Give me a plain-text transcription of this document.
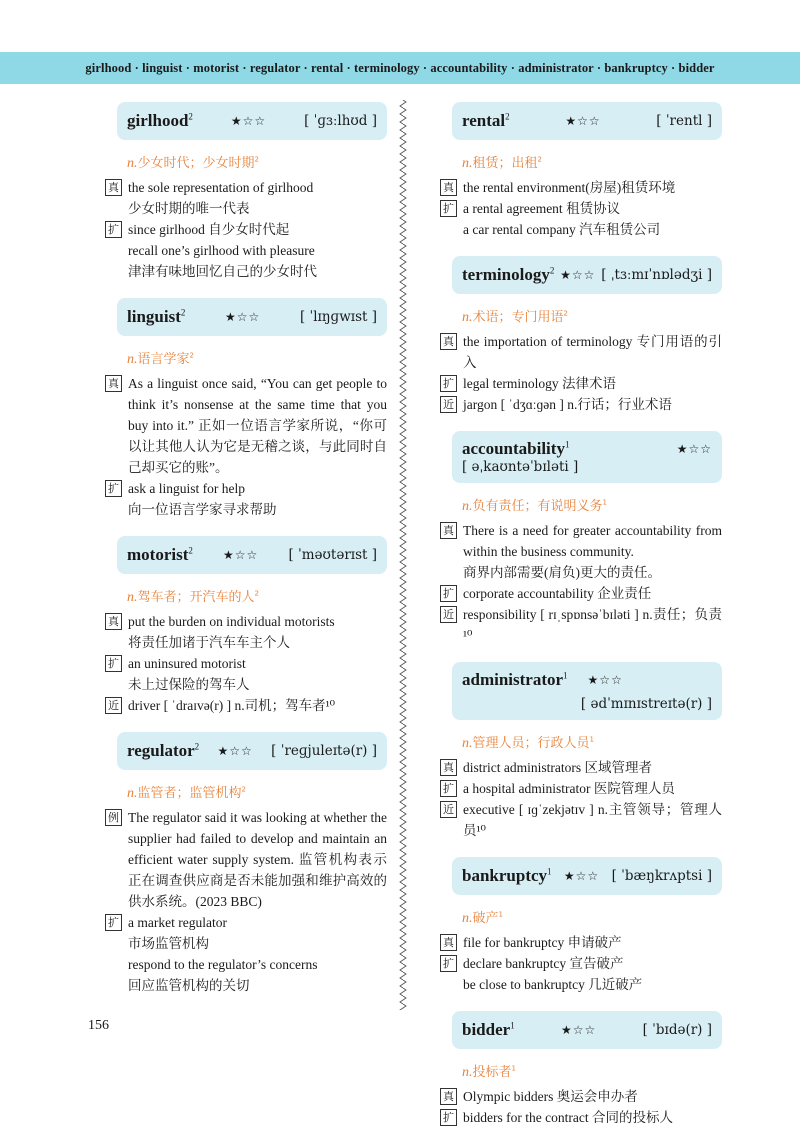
girlhood · linguist · motorist · regulator · rental · terminology · accountability · administrator · bankruptcy · bidder
girlhood$^2$	★☆☆	[ ˈɡɜːlhʊd ]
n.少女时代；少女时期$^2$
真 the sole representation of girlhood
少女时期的唯一代表
扩 since girlhood 自少女时代起
recall one’s girlhood with pleasure
津津有味地回忆自己的少女时代
linguist$^2$	★☆☆	[ ˈlɪŋɡwɪst ]
n.语言学家$^2$
真 As a linguist once said, “You can get people to think it’s nonsense at the same time that you buy into it.” 正如一位语言学家所说，“你可以让其他人认为它是无稽之谈，与此同时自己却买它的账”。
扩 ask a linguist for help
向一位语言学家寻求帮助
motorist$^2$	★☆☆ [ ˈməʊtərɪst ]
n.驾车者；开汽车的人$^2$
真 put the burden on individual motorists
将责任加诸于汽车车主个人
扩 an uninsured motorist
未上过保险的驾车人
近 driver [ ˈdraɪvə(r) ] n.司机；驾车者¹⁰
regulator$^2$ ★☆☆ [ ˈreɡjuleɪtə(r) ]
n.监管者；监管机构$^2$
例 The regulator said it was looking at whether the supplier had failed to develop and maintain an efficient water supply system. 监管机构表示正在调查供应商是否未能加强和维护高效的供水系统。(2023 BBC)
扩 a market regulator
市场监管机构
respond to the regulator’s concerns
回应监管机构的关切
rental$^2$	★☆☆	[ ˈrentl ]
n.租赁；出租$^2$
真 the rental environment(房屋)租赁环境
扩 a rental agreement 租赁协议
a car rental company 汽车租赁公司
terminology$^2$ ★☆☆ [ ˌtɜːmɪˈnɒlədʒi ]
n.术语；专门用语$^2$
真 the importation of terminology 专门用语的引入
扩 legal terminology 法律术语
近 jargon [ ˈdʒɑːɡən ] n.行话；行业术语
accountability$^1$	★☆☆
[ əˌkaʊntəˈbɪləti ]
n.负有责任；有说明义务$^1$
真 There is a need for greater accountability from within the business community.
商界内部需要(肩负)更大的责任。
扩 corporate accountability 企业责任
近 responsibility [ rɪˌspɒnsəˈbɪləti ] n.责任；负责¹⁰
administrator$^1$ ★☆☆
[ ədˈmɪnɪstreɪtə(r) ]
n.管理人员；行政人员$^1$
真 district administrators 区域管理者
扩 a hospital administrator 医院管理人员
近 executive [ ɪɡˈzekjətɪv ] n.主管领导；管理人员¹⁰
bankruptcy$^1$ ★☆☆ [ ˈbæŋkrʌptsi ]
n.破产$^1$
真 file for bankruptcy 申请破产
扩 declare bankruptcy 宣告破产
be close to bankruptcy 几近破产
bidder$^1$	★☆☆	[ ˈbɪdə(r) ]
n.投标者$^1$
真 Olympic bidders 奥运会申办者
扩 bidders for the contract 合同的投标人
156
